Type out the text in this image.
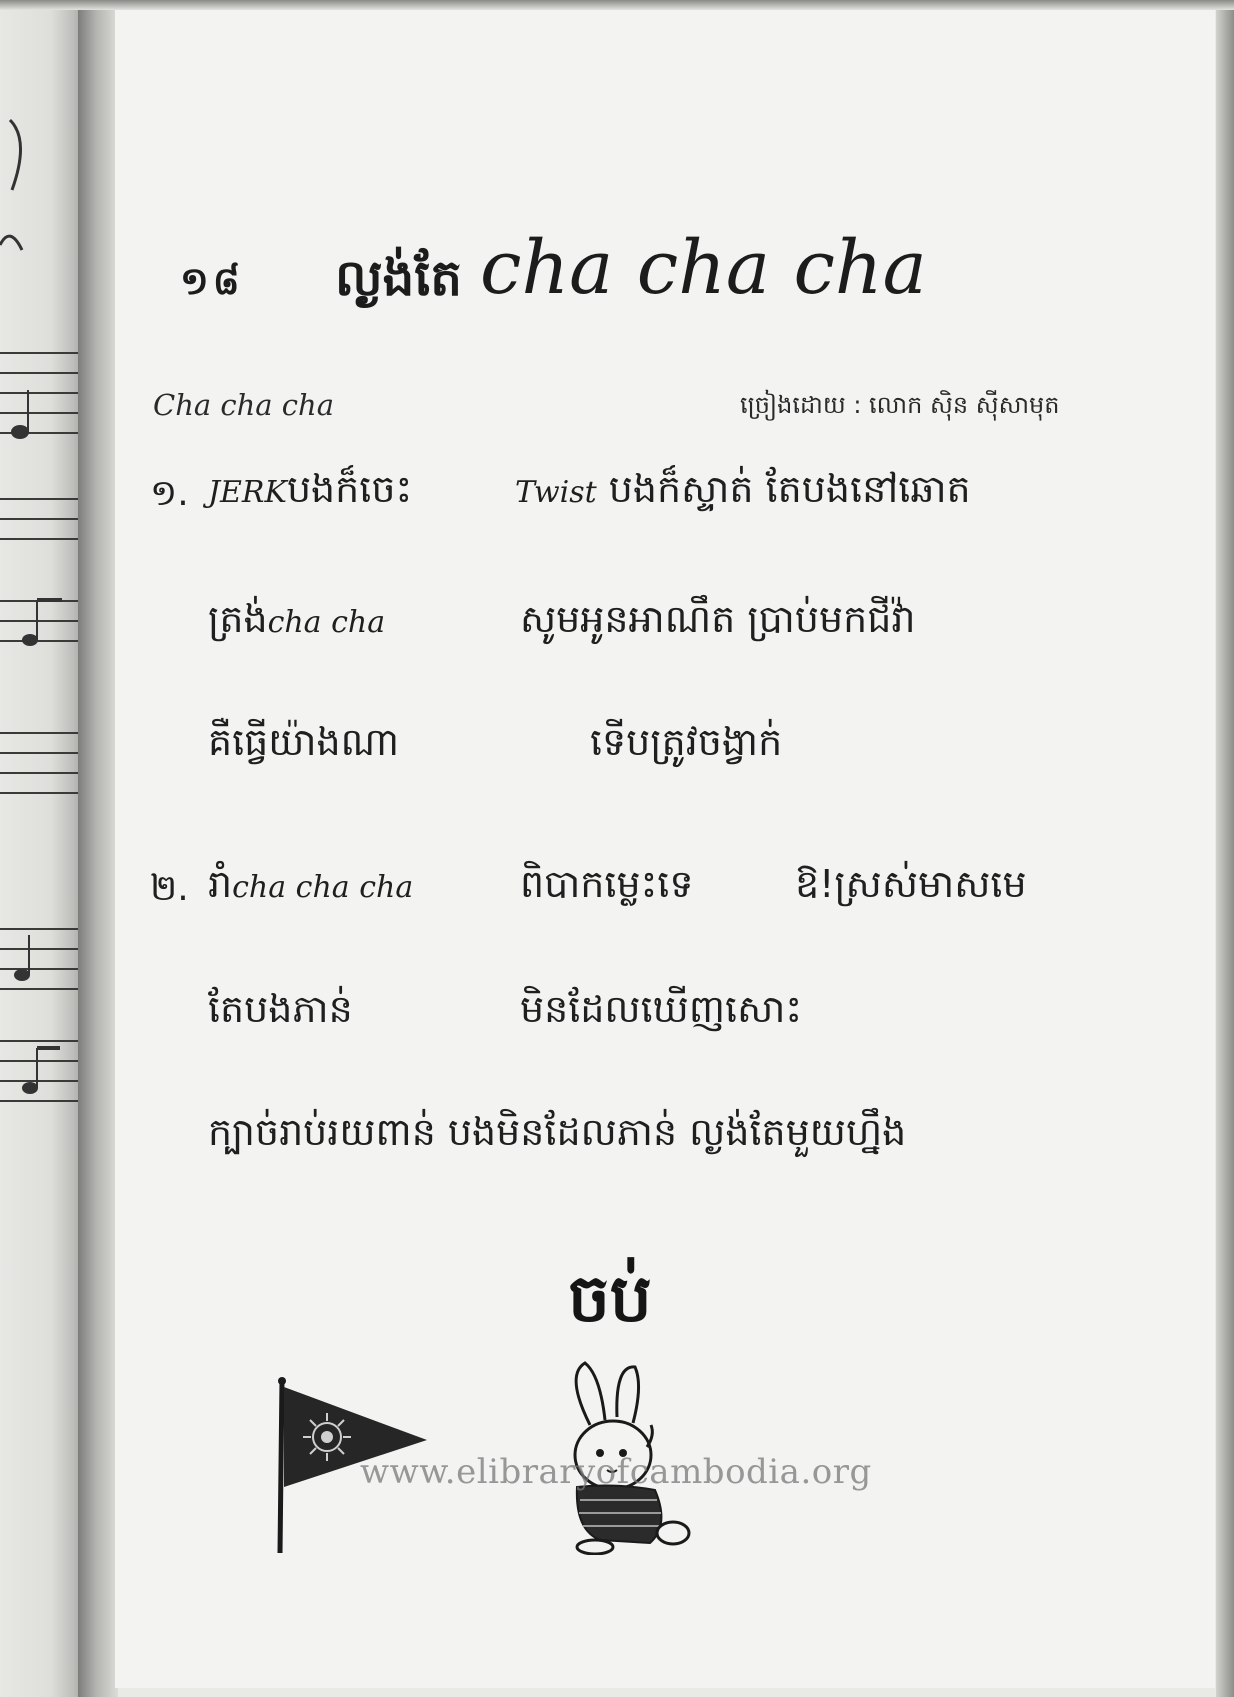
១៨ ល្ងង់តែ cha cha cha
Cha cha cha	ច្រៀងដោយ : លោក ស៊ិន ស៊ីសាមុត
១. JERKបងក៏ចេះ	Twist បងក៏ស្ទាត់ តែបងនៅឆោត
ត្រង់cha cha	សូមអូនអាណឹត ប្រាប់មកជីវ៉ា
គឺធ្វើយ៉ាងណា	ទើបត្រូវចង្វាក់
២. រាំcha cha cha	ពិបាកម្លេះទេ	ឱ!ស្រស់មាសមេ
តែបងភាន់	មិនដែលឃើញសោះ
ក្បាច់រាប់រយពាន់ បងមិនដែលភាន់ ល្ងង់តែមួយហ្នឹង
ចប់
www.elibraryofcambodia.org
